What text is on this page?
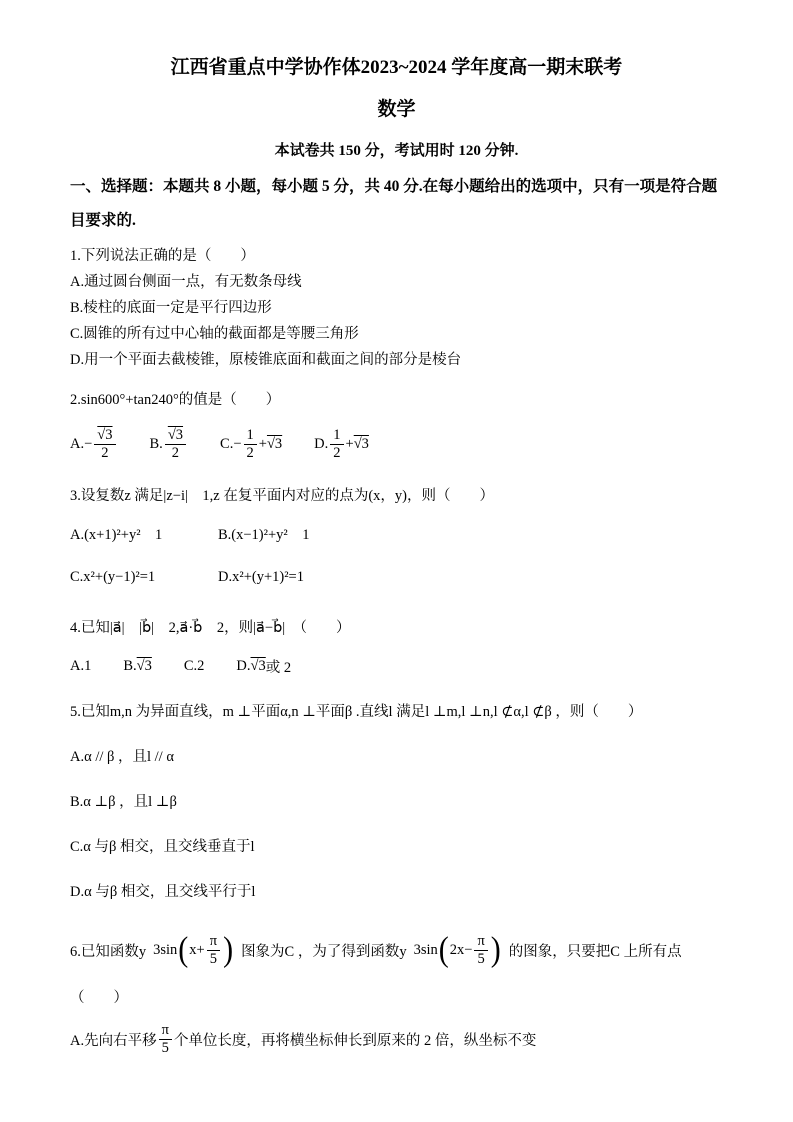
江西省重点中学协作体2023~2024 学年度高一期末联考
数学
本试卷共 150 分，考试用时 120 分钟.
一、选择题：本题共 8 小题，每小题 5 分，共 40 分.在每小题给出的选项中，只有一项是符合题目要求的.
1.下列说法正确的是（　　）
A.通过圆台侧面一点，有无数条母线
B.棱柱的底面一定是平行四边形
C.圆锥的所有过中心轴的截面都是等腰三角形
D.用一个平面去截棱锥，原棱锥底面和截面之间的部分是棱台
2.sin600°+tan240°的值是（　　）
A. − $\frac{√3}{2} B$. $\frac{√3}{2} C$. − $\frac{1}{2} + √3$ D. $\frac{1}{2} + √3$
3.设复数z 满足|z−i|　1,z 在复平面内对应的点为(x，y)，则（　　）
A.(x+1)²+y²　1	B.(x−1)²+y²　1
C.x²+(y−1)²=1	D.x²+(y+1)²=1
4.已知|a⃗|　|b⃗|　2,a⃗·b⃗　2，则|a⃗−b⃗|　（　　）
A. 1 B. √3 C. 2 D. √3 或 2
5.已知m,n 为异面直线，m ⊥平面α,n ⊥平面β .直线l 满足l ⊥m,l ⊥n,l ⊄α,l ⊄β ，则（　　）
A.α // β ，且l // α
B.α ⊥β ，且l ⊥β
C.α 与β 相交，且交线垂直于l
D.α 与β 相交，且交线平行于l
6.已知函数y 3sin ( $x+ \frac{\pi}{5}$ ) 图象为C ，为了得到函数y 3sin ( $2x- \frac{\pi}{5}$ ) 的图象，只要把C 上所有点
（　　）
A.先向右平移 $\frac{\pi}{5}$ 个单位长度，再将横坐标伸长到原来的 2 倍，纵坐标不变
